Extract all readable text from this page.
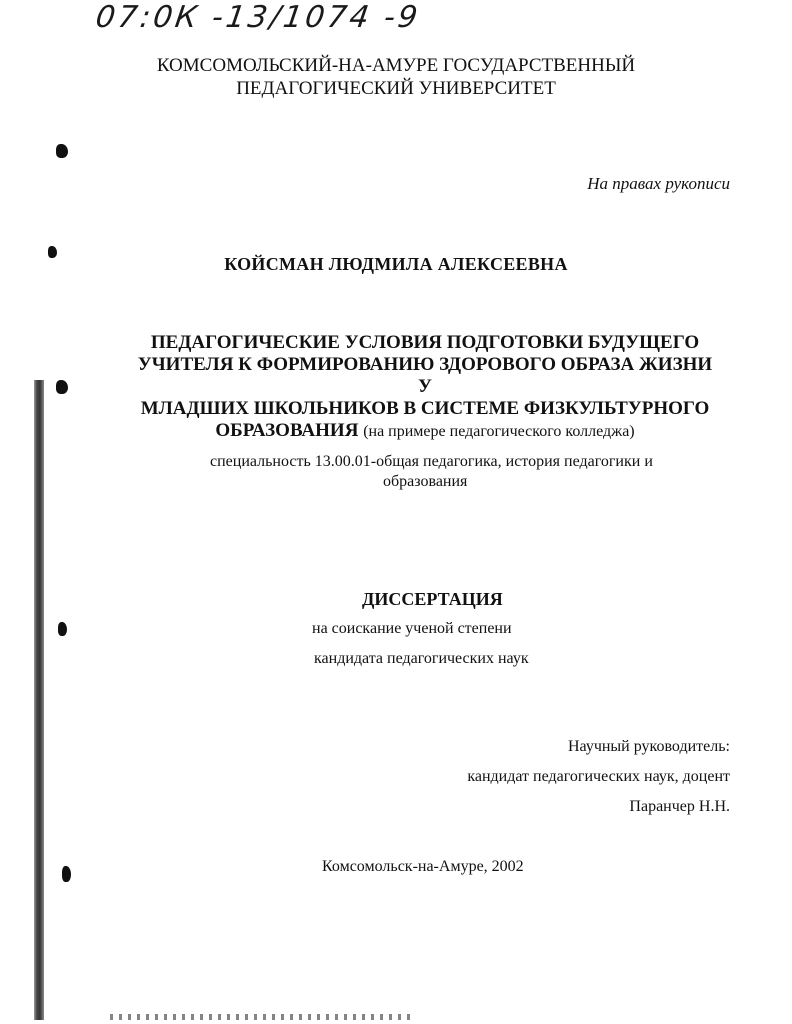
07:0К -13/1074 -9
КОМСОМОЛЬСКИЙ-НА-АМУРЕ ГОСУДАРСТВЕННЫЙ
ПЕДАГОГИЧЕСКИЙ УНИВЕРСИТЕТ
На правах рукописи
КОЙСМАН ЛЮДМИЛА АЛЕКСЕЕВНА
ПЕДАГОГИЧЕСКИЕ УСЛОВИЯ ПОДГОТОВКИ БУДУЩЕГО
УЧИТЕЛЯ К ФОРМИРОВАНИЮ ЗДОРОВОГО ОБРАЗА ЖИЗНИ У
МЛАДШИХ ШКОЛЬНИКОВ В СИСТЕМЕ ФИЗКУЛЬТУРНОГО
ОБРАЗОВАНИЯ (на примере педагогического колледжа)
специальность 13.00.01-общая педагогика, история педагогики и
образования
ДИССЕРТАЦИЯ
на соискание ученой степени
кандидата педагогических наук
Научный руководитель:
кандидат педагогических наук, доцент
Паранчер Н.Н.
Комсомольск-на-Амуре, 2002
